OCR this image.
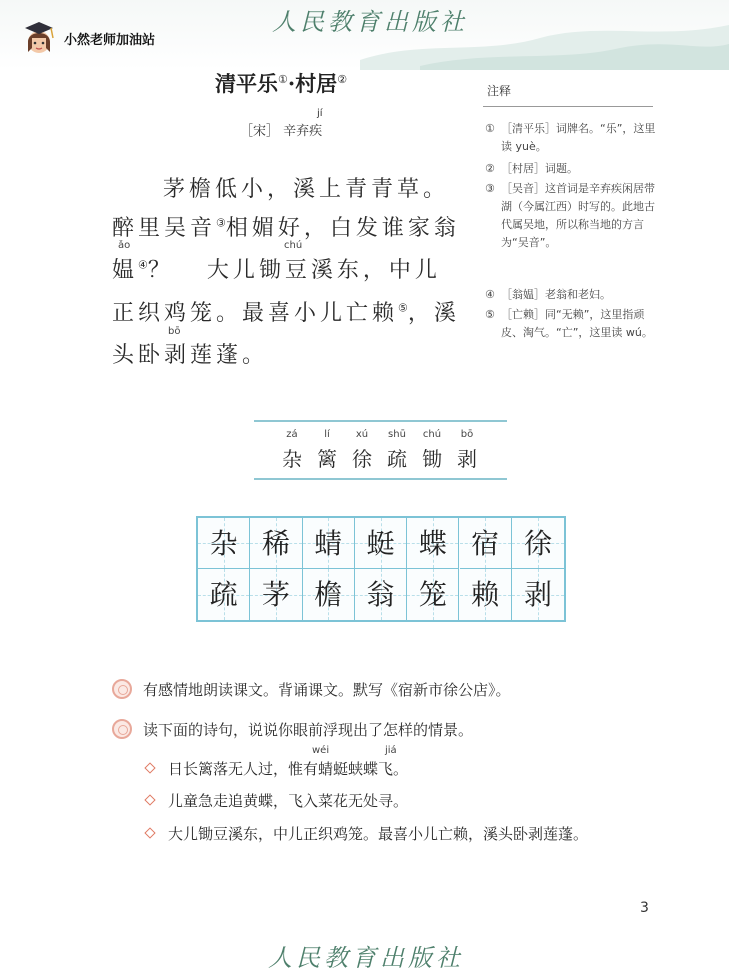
人民教育出版社
小然老师加油站
清平乐①·村居②
jí
［宋］ 辛弃疾
茅檐低小，溪上青青草。
醉里吴音③相媚好，白发谁家翁
ǎo	chú
媪④？   大儿锄豆溪东，中儿
正织鸡笼。最喜小儿亡赖⑤，溪
bō
头卧剥莲蓬。
注释
① ［清平乐］词牌名。“乐”，这里读 yuè。
② ［村居］词题。
③ ［吴音］这首词是辛弃疾闲居带湖（今属江西）时写的。此地古代属吴地，所以称当地的方言为“吴音”。
④ ［翁媪］老翁和老妇。
⑤ ［亡赖］同“无赖”，这里指顽皮、淘气。“亡”，这里读 wú。
zá	lí	xú	shū	chú	bō
杂 篱 徐 疏 锄 剥
杂 稀 蜻 蜓 蝶 宿 徐
疏 茅 檐 翁 笼 赖 剥
有感情地朗读课文。背诵课文。默写《宿新市徐公店》。
读下面的诗句，说说你眼前浮现出了怎样的情景。
wéi	jiá
日长篱落无人过，惟有蜻蜓蛱蝶飞。
儿童急走追黄蝶，飞入菜花无处寻。
大儿锄豆溪东，中儿正织鸡笼。最喜小儿亡赖，溪头卧剥莲蓬。
3
人民教育出版社
